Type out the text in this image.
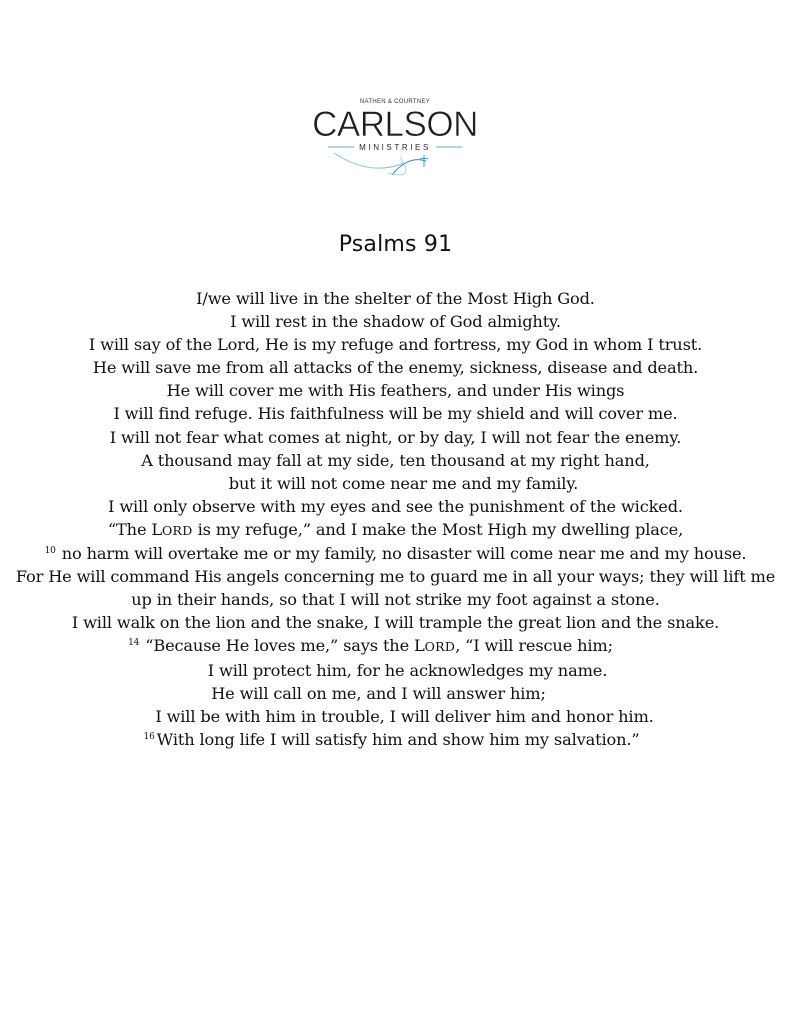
NATHEN & COURTNEY
CARLSON
MINISTRIES
Psalms 91
I/we will live in the shelter of the Most High God.
I will rest in the shadow of God almighty.
I will say of the Lord, He is my refuge and fortress, my God in whom I trust.
He will save me from all attacks of the enemy, sickness, disease and death.
He will cover me with His feathers, and under His wings
I will find refuge. His faithfulness will be my shield and will cover me.
I will not fear what comes at night, or by day, I will not fear the enemy.
A thousand may fall at my side, ten thousand at my right hand,
but it will not come near me and my family.
I will only observe with my eyes and see the punishment of the wicked.
“The LORD is my refuge,” and I make the Most High my dwelling place,
$^{10}$ no harm will overtake me or my family, no disaster will come near me and my house.
For He will command His angels concerning me to guard me in all your ways; they will lift me up in their hands, so that I will not strike my foot against a stone.
I will walk on the lion and the snake, I will trample the great lion and the snake.
$^{14}$ “Because He loves me,” says the LORD, “I will rescue him;
I will protect him, for he acknowledges my name.
He will call on me, and I will answer him;
I will be with him in trouble, I will deliver him and honor him.
$^{16}$ With long life I will satisfy him and show him my salvation.”
